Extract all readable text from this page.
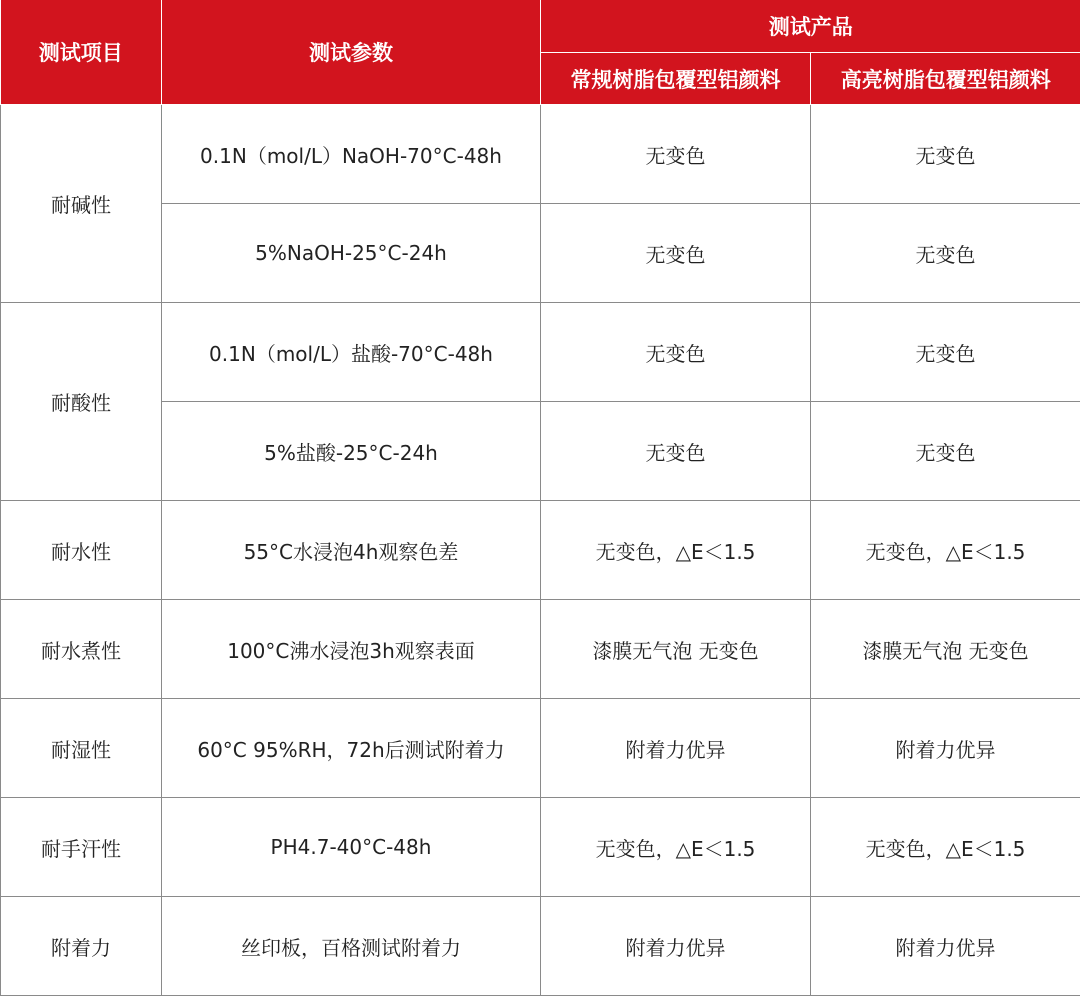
测试项目	测试参数	测试产品	
		常规树脂包覆型铝颜料	高亮树脂包覆型铝颜料
耐碱性	0.1N（mol/L）NaOH-70°C-48h	无变色	无变色
	5%NaOH-25°C-24h	无变色	无变色
耐酸性	0.1N（mol/L）盐酸-70°C-48h	无变色	无变色
	5%盐酸-25°C-24h	无变色	无变色
耐水性	55°C水浸泡4h观察色差	无变色，△E＜1.5	无变色，△E＜1.5
耐水煮性	100°C沸水浸泡3h观察表面	漆膜无气泡 无变色	漆膜无气泡 无变色
耐湿性	60°C 95%RH，72h后测试附着力	附着力优异	附着力优异
耐手汗性	PH4.7-40°C-48h	无变色，△E＜1.5	无变色，△E＜1.5
附着力	丝印板，百格测试附着力	附着力优异	附着力优异
